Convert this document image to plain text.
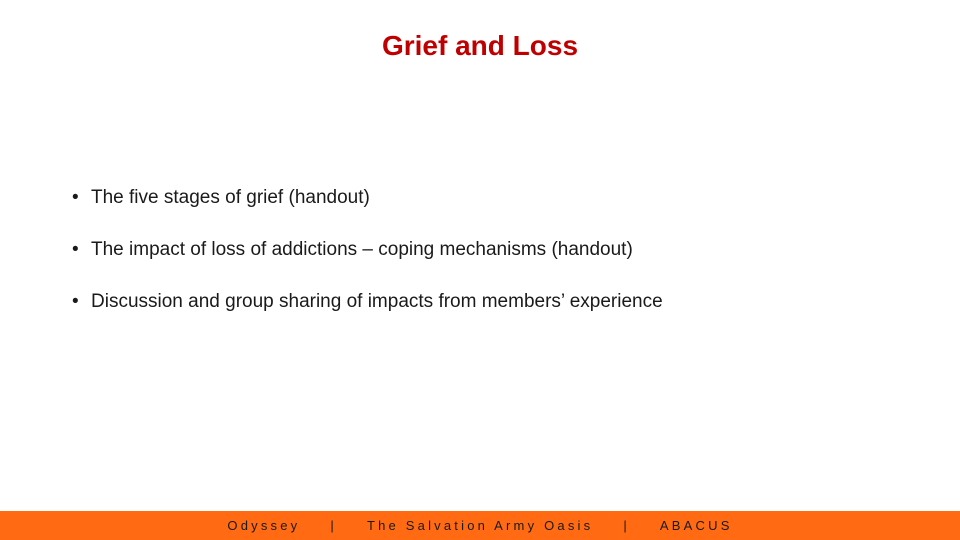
Grief and Loss
• The five stages of grief (handout)
• The impact of loss of addictions – coping mechanisms (handout)
• Discussion and group sharing of impacts from members’ experience
Odyssey | The Salvation Army Oasis | ABACUS
